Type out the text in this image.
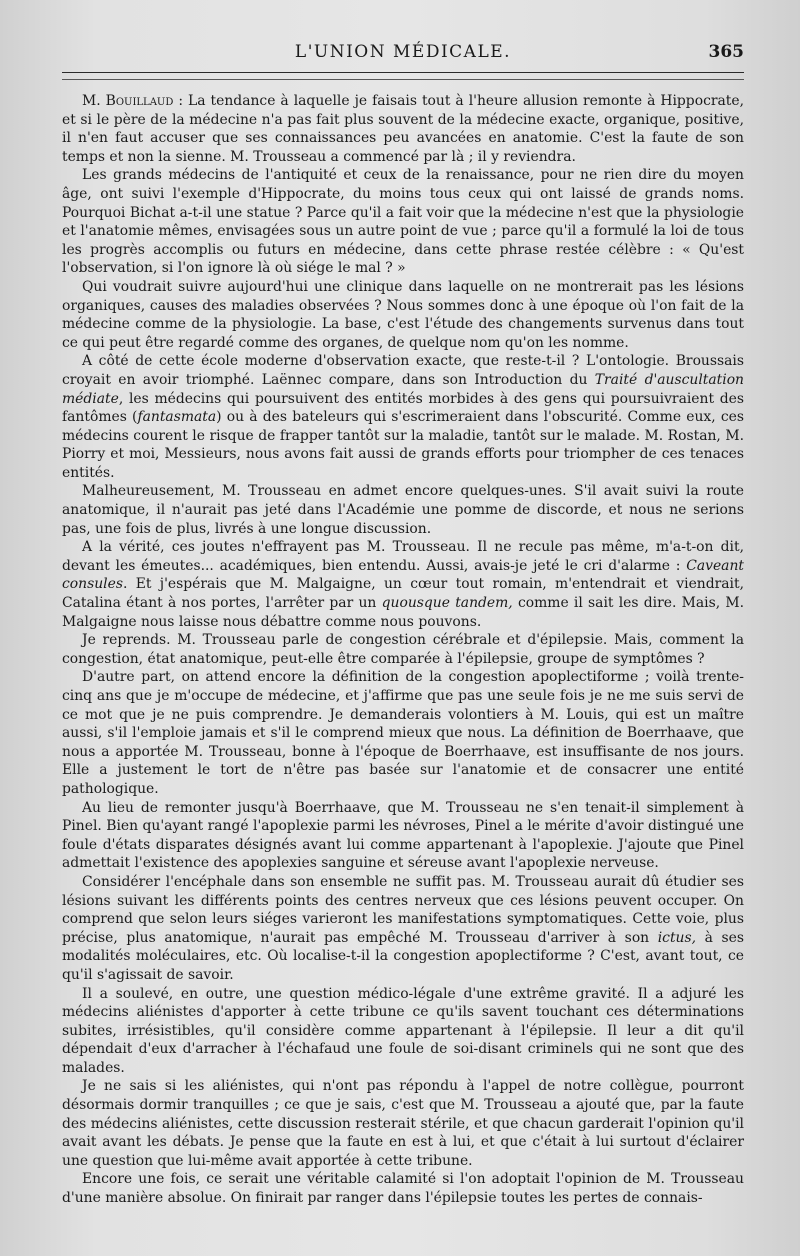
L'UNION MÉDICALE.	365

M. Bouillaud : La tendance à laquelle je faisais tout à l'heure allusion remonte à Hippocrate, et si le père de la médecine n'a pas fait plus souvent de la médecine exacte, organique, positive, il n'en faut accuser que ses connaissances peu avancées en anatomie. C'est la faute de son temps et non la sienne. M. Trousseau a commencé par là ; il y reviendra.

Les grands médecins de l'antiquité et ceux de la renaissance, pour ne rien dire du moyen âge, ont suivi l'exemple d'Hippocrate, du moins tous ceux qui ont laissé de grands noms. Pourquoi Bichat a-t-il une statue ? Parce qu'il a fait voir que la médecine n'est que la physiologie et l'anatomie mêmes, envisagées sous un autre point de vue ; parce qu'il a formulé la loi de tous les progrès accomplis ou futurs en médecine, dans cette phrase restée célèbre : « Qu'est l'observation, si l'on ignore là où siége le mal ? »

Qui voudrait suivre aujourd'hui une clinique dans laquelle on ne montrerait pas les lésions organiques, causes des maladies observées ? Nous sommes donc à une époque où l'on fait de la médecine comme de la physiologie. La base, c'est l'étude des changements survenus dans tout ce qui peut être regardé comme des organes, de quelque nom qu'on les nomme.

A côté de cette école moderne d'observation exacte, que reste-t-il ? L'ontologie. Broussais croyait en avoir triomphé. Laënnec compare, dans son Introduction du Traité d'auscultation médiate, les médecins qui poursuivent des entités morbides à des gens qui poursuivraient des fantômes (fantasmata) ou à des bateleurs qui s'escrimeraient dans l'obscurité. Comme eux, ces médecins courent le risque de frapper tantôt sur la maladie, tantôt sur le malade. M. Rostan, M. Piorry et moi, Messieurs, nous avons fait aussi de grands efforts pour triompher de ces tenaces entités.

Malheureusement, M. Trousseau en admet encore quelques-unes. S'il avait suivi la route anatomique, il n'aurait pas jeté dans l'Académie une pomme de discorde, et nous ne serions pas, une fois de plus, livrés à une longue discussion.

A la vérité, ces joutes n'effrayent pas M. Trousseau. Il ne recule pas même, m'a-t-on dit, devant les émeutes... académiques, bien entendu. Aussi, avais-je jeté le cri d'alarme : Caveant consules. Et j'espérais que M. Malgaigne, un cœur tout romain, m'entendrait et viendrait, Catalina étant à nos portes, l'arrêter par un quousque tandem, comme il sait les dire. Mais, M. Malgaigne nous laisse nous débattre comme nous pouvons.

Je reprends. M. Trousseau parle de congestion cérébrale et d'épilepsie. Mais, comment la congestion, état anatomique, peut-elle être comparée à l'épilepsie, groupe de symptômes ?

D'autre part, on attend encore la définition de la congestion apoplectiforme ; voilà trente-cinq ans que je m'occupe de médecine, et j'affirme que pas une seule fois je ne me suis servi de ce mot que je ne puis comprendre. Je demanderais volontiers à M. Louis, qui est un maître aussi, s'il l'emploie jamais et s'il le comprend mieux que nous. La définition de Boerrhaave, que nous a apportée M. Trousseau, bonne à l'époque de Boerrhaave, est insuffisante de nos jours. Elle a justement le tort de n'être pas basée sur l'anatomie et de consacrer une entité pathologique.

Au lieu de remonter jusqu'à Boerrhaave, que M. Trousseau ne s'en tenait-il simplement à Pinel. Bien qu'ayant rangé l'apoplexie parmi les névroses, Pinel a le mérite d'avoir distingué une foule d'états disparates désignés avant lui comme appartenant à l'apoplexie. J'ajoute que Pinel admettait l'existence des apoplexies sanguine et séreuse avant l'apoplexie nerveuse.

Considérer l'encéphale dans son ensemble ne suffit pas. M. Trousseau aurait dû étudier ses lésions suivant les différents points des centres nerveux que ces lésions peuvent occuper. On comprend que selon leurs siéges varieront les manifestations symptomatiques. Cette voie, plus précise, plus anatomique, n'aurait pas empêché M. Trousseau d'arriver à son ictus, à ses modalités moléculaires, etc. Où localise-t-il la congestion apoplectiforme ? C'est, avant tout, ce qu'il s'agissait de savoir.

Il a soulevé, en outre, une question médico-légale d'une extrême gravité. Il a adjuré les médecins aliénistes d'apporter à cette tribune ce qu'ils savent touchant ces déterminations subites, irrésistibles, qu'il considère comme appartenant à l'épilepsie. Il leur a dit qu'il dépendait d'eux d'arracher à l'échafaud une foule de soi-disant criminels qui ne sont que des malades.

Je ne sais si les aliénistes, qui n'ont pas répondu à l'appel de notre collègue, pourront désormais dormir tranquilles ; ce que je sais, c'est que M. Trousseau a ajouté que, par la faute des médecins aliénistes, cette discussion resterait stérile, et que chacun garderait l'opinion qu'il avait avant les débats. Je pense que la faute en est à lui, et que c'était à lui surtout d'éclairer une question que lui-même avait apportée à cette tribune.

Encore une fois, ce serait une véritable calamité si l'on adoptait l'opinion de M. Trousseau d'une manière absolue. On finirait par ranger dans l'épilepsie toutes les pertes de connais-
